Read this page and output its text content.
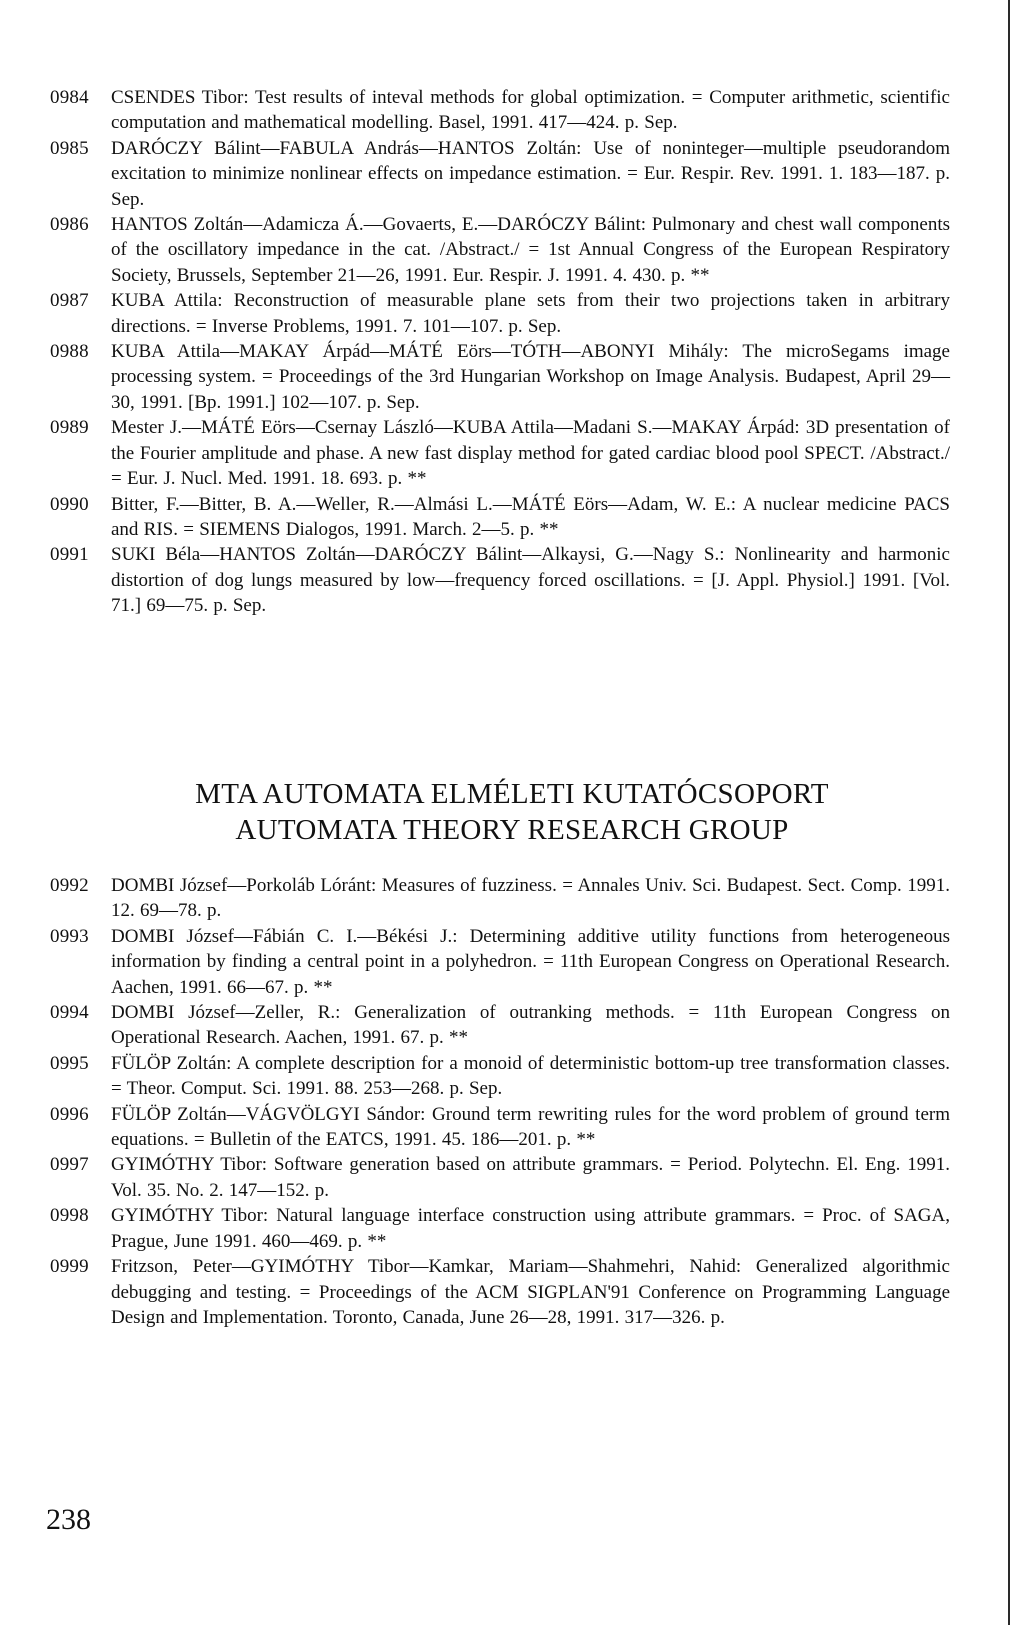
0984	CSENDES Tibor: Test results of inteval methods for global optimization. = Computer arithmetic, scientific computation and mathematical modelling. Basel, 1991. 417—424. p. Sep.
0985	DARÓCZY Bálint—FABULA András—HANTOS Zoltán: Use of noninteger—multiple pseudorandom excitation to minimize nonlinear effects on impedance estimation. = Eur. Respir. Rev. 1991. 1. 183—187. p. Sep.
0986	HANTOS Zoltán—Adamicza Á.—Govaerts, E.—DARÓCZY Bálint: Pulmonary and chest wall components of the oscillatory impedance in the cat. /Abstract./ = 1st Annual Congress of the European Respiratory Society, Brussels, September 21—26, 1991. Eur. Respir. J. 1991. 4. 430. p. **
0987	KUBA Attila: Reconstruction of measurable plane sets from their two projections taken in arbitrary directions. = Inverse Problems, 1991. 7. 101—107. p. Sep.
0988	KUBA Attila—MAKAY Árpád—MÁTÉ Eörs—TÓTH—ABONYI Mihály: The microSegams image processing system. = Proceedings of the 3rd Hungarian Workshop on Image Analysis. Budapest, April 29—30, 1991. [Bp. 1991.] 102—107. p. Sep.
0989	Mester J.—MÁTÉ Eörs—Csernay László—KUBA Attila—Madani S.—MAKAY Árpád: 3D presentation of the Fourier amplitude and phase. A new fast display method for gated cardiac blood pool SPECT. /Abstract./ = Eur. J. Nucl. Med. 1991. 18. 693. p. **
0990	Bitter, F.—Bitter, B. A.—Weller, R.—Almási L.—MÁTÉ Eörs—Adam, W. E.: A nuclear medicine PACS and RIS. = SIEMENS Dialogos, 1991. March. 2—5. p. **
0991	SUKI Béla—HANTOS Zoltán—DARÓCZY Bálint—Alkaysi, G.—Nagy S.: Nonlinearity and harmonic distortion of dog lungs measured by low—frequency forced oscillations. = [J. Appl. Physiol.] 1991. [Vol. 71.] 69—75. p. Sep.
MTA AUTOMATA ELMÉLETI KUTATÓCSOPORT
AUTOMATA THEORY RESEARCH GROUP
0992	DOMBI József—Porkoláb Lóránt: Measures of fuzziness. = Annales Univ. Sci. Budapest. Sect. Comp. 1991. 12. 69—78. p.
0993	DOMBI József—Fábián C. I.—Békési J.: Determining additive utility functions from heterogeneous information by finding a central point in a polyhedron. = 11th European Congress on Operational Research. Aachen, 1991. 66—67. p. **
0994	DOMBI József—Zeller, R.: Generalization of outranking methods. = 11th European Congress on Operational Research. Aachen, 1991. 67. p. **
0995	FÜLÖP Zoltán: A complete description for a monoid of deterministic bottom-up tree transformation classes. = Theor. Comput. Sci. 1991. 88. 253—268. p. Sep.
0996	FÜLÖP Zoltán—VÁGVÖLGYI Sándor: Ground term rewriting rules for the word problem of ground term equations. = Bulletin of the EATCS, 1991. 45. 186—201. p. **
0997	GYIMÓTHY Tibor: Software generation based on attribute grammars. = Period. Polytechn. El. Eng. 1991. Vol. 35. No. 2. 147—152. p.
0998	GYIMÓTHY Tibor: Natural language interface construction using attribute grammars. = Proc. of SAGA, Prague, June 1991. 460—469. p. **
0999	Fritzson, Peter—GYIMÓTHY Tibor—Kamkar, Mariam—Shahmehri, Nahid: Generalized algorithmic debugging and testing. = Proceedings of the ACM SIGPLAN'91 Conference on Programming Language Design and Implementation. Toronto, Canada, June 26—28, 1991. 317—326. p.
238
